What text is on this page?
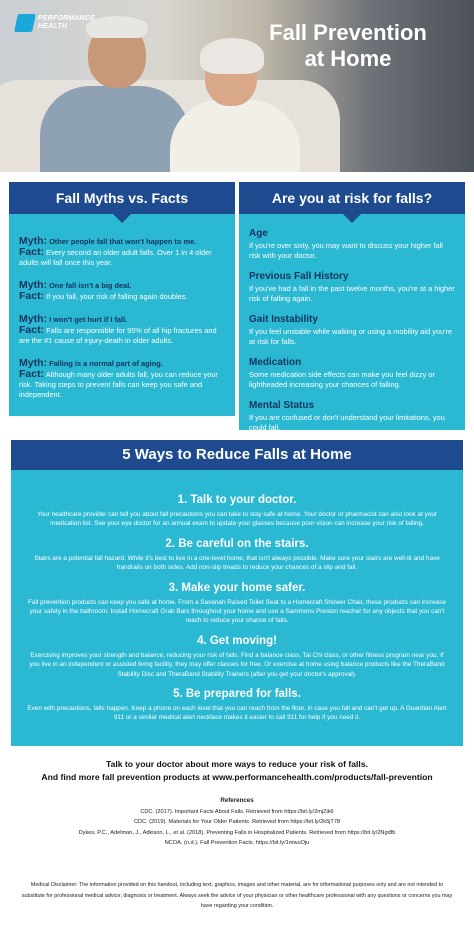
PERFORMANCE
HEALTH	Fall Prevention
at Home
Fall Myths vs. Facts
Myth: Other people fall that won't happen to me.
Fact: Every second an older adult falls. Over 1 in 4 older adults will fall once this year.
Myth: One fall isn't a big deal.
Fact: If you fall, your risk of falling again doubles.
Myth: I won't get hurt if I fall.
Fact: Falls are responsible for 95% of all hip fractures and are the #1 cause of injury-death in older adults.
Myth: Falling is a normal part of aging.
Fact: Although many older adults fall, you can reduce your risk. Taking steps to prevent falls can keep you safe and independent.
Are you at risk for falls?
Age
If you're over sixty, you may want to discuss your higher fall risk with your doctor.
Previous Fall History
If you've had a fall in the past twelve months, you're at a higher risk of falling again.
Gait Instability
If you feel unstable while walking or using a mobility aid you're at risk for falls.
Medication
Some medication side effects can make you feel dizzy or lightheaded increasing your chances of falling.
Mental Status
If you are confused or don't understand your limitations, you could fall.
5 Ways to Reduce Falls at Home
1. Talk to your doctor.
Your healthcare provider can tell you about fall precautions you can take to stay safe at home. Your doctor or pharmacist can also look at your medication list. See your eye doctor for an annual exam to update your glasses because poor vision can increase your risk of falling.
2. Be careful on the stairs.
Stairs are a potential fall hazard. While it's best to live in a one-level home, that isn't always possible. Make sure your stairs are well-lit and have handrails on both sides. Add non-slip treads to reduce your chances of a slip and fall.
3. Make your home safer.
Fall prevention products can keep you safe at home. From a Savanah Raised Toilet Seat to a Homecraft Shower Chair, these products can increase your safety in the bathroom. Install Homecraft Grab Bars throughout your home and use a Sammons Preston reacher for any objects that you can't reach to reduce your chance of falls.
4. Get moving!
Exercising improves your strength and balance, reducing your risk of falls. Find a balance class, Tai Chi class, or other fitness program near you. If you live in an independent or assisted living facility, they may offer classes for free. Or exercise at home using balance products like the TheraBand Stability Disc and TheraBand Stability Trainers (after you get your doctor's approval).
5. Be prepared for falls.
Even with precautions, falls happen. Keep a phone on each level that you can reach from the floor, in case you fall and can't get up. A Guardian Alert 911 or a similar medical alert necklace makes it easier to call 911 for help if you need it.
Talk to your doctor about more ways to reduce your risk of falls.
And find more fall prevention products at www.performancehealth.com/products/fall-prevention
References
CDC. (2017). Important Facts About Falls. Retrieved from https://bit.ly/2mjZik6
CDC. (2019). Materials for Your Older Patients. Retrieved from https://bit.ly/2k5jT78
Dykes, P.C., Adelman, J., Adkison, L., et al. (2018). Preventing Falls in Hospitalized Patients. Retrieved from https://bit.ly/2Ngdfb
NCOA. (n.d.). Fall Prevention Facts. https://bit.ly/1mwuOju
Medical Disclaimer: The information provided on this handout, including text, graphics, images and other material, are for informational purposes only and are not intended to substitute for professional medical advice, diagnosis or treatment. Always seek the advice of your physician or other healthcare professional with any questions or concerns you may have regarding your condition.
